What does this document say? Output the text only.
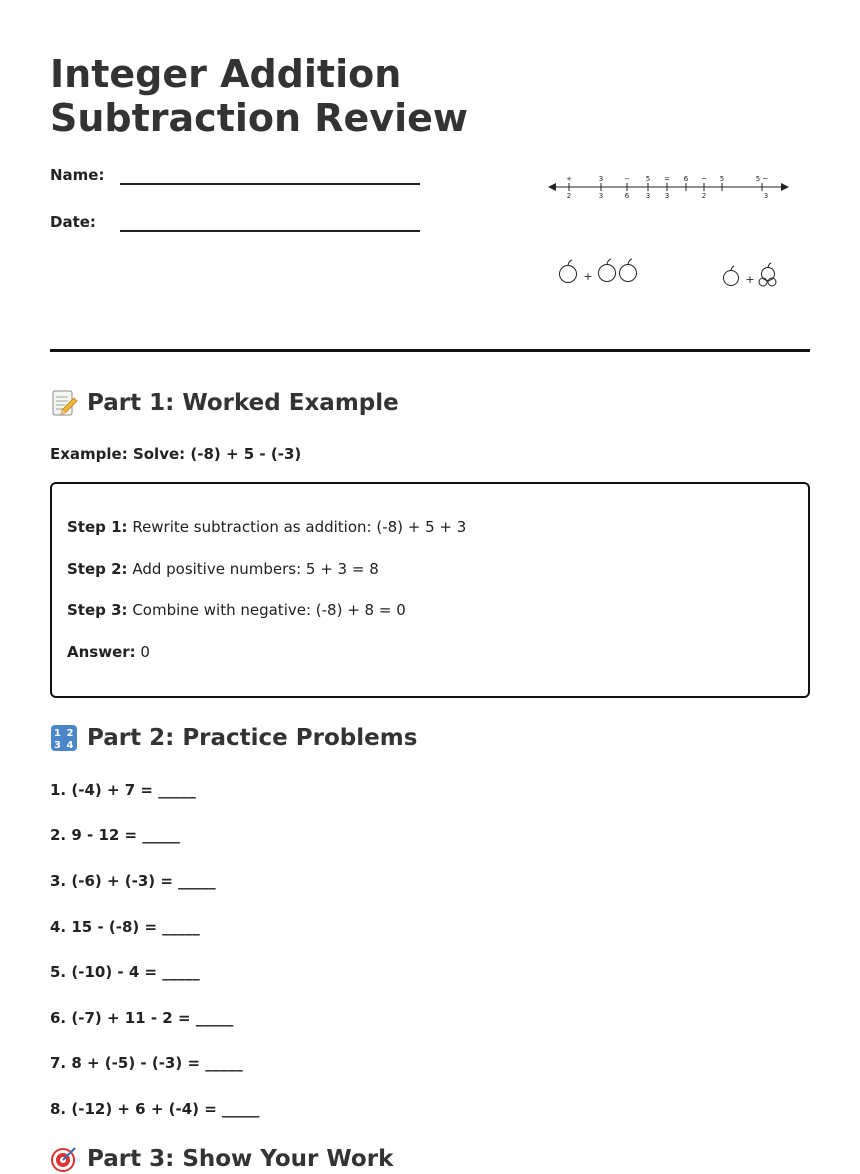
Integer Addition Subtraction Review
Name:
Date:
+	3	− 5 = 6 ~ 5	5 ~
2	3	6 3 3	2	3
+	+
Part 1: Worked Example
Example: Solve: (-8) + 5 - (-3)
Step 1: Rewrite subtraction as addition: (-8) + 5 + 3
Step 2: Add positive numbers: 5 + 3 = 8
Step 3: Combine with negative: (-8) + 8 = 0
Answer: 0
1 2
3 4 Part 2: Practice Problems
1. (-4) + 7 = _____
2. 9 - 12 = _____
3. (-6) + (-3) = _____
4. 15 - (-8) = _____
5. (-10) - 4 = _____
6. (-7) + 11 - 2 = _____
7. 8 + (-5) - (-3) = _____
8. (-12) + 6 + (-4) = _____
Part 3: Show Your Work
